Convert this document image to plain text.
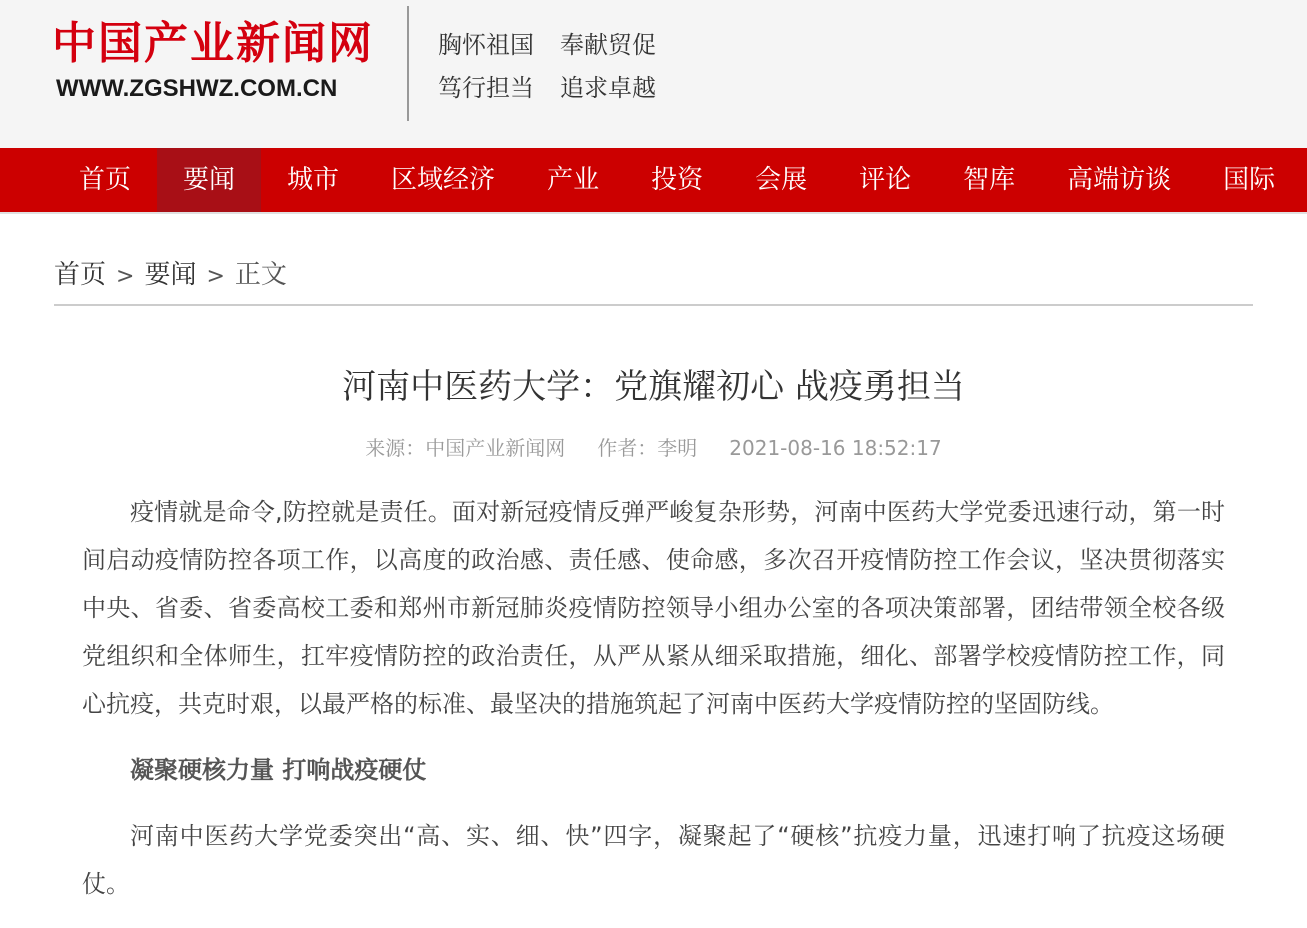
中国产业新闻网
WWW.ZGSHWZ.COM.CN
胸怀祖国 奉献贸促
笃行担当 追求卓越
首页	要闻	城市	区域经济	产业	投资	会展	评论	智库	高端访谈	国际
首页 > 要闻 > 正文
河南中医药大学：党旗耀初心 战疫勇担当
来源：中国产业新闻网 作者：李明 2021-08-16 18:52:17

疫情就是命令,防控就是责任。面对新冠疫情反弹严峻复杂形势，河南中医药大学党委迅速行动，第一时间启动疫情防控各项工作，以高度的政治感、责任感、使命感，多次召开疫情防控工作会议，坚决贯彻落实中央、省委、省委高校工委和郑州市新冠肺炎疫情防控领导小组办公室的各项决策部署，团结带领全校各级党组织和全体师生，扛牢疫情防控的政治责任，从严从紧从细采取措施，细化、部署学校疫情防控工作，同心抗疫，共克时艰，以最严格的标准、最坚决的措施筑起了河南中医药大学疫情防控的坚固防线。

凝聚硬核力量 打响战疫硬仗

河南中医药大学党委突出“高、实、细、快”四字，凝聚起了“硬核”抗疫力量，迅速打响了抗疫这场硬仗。
